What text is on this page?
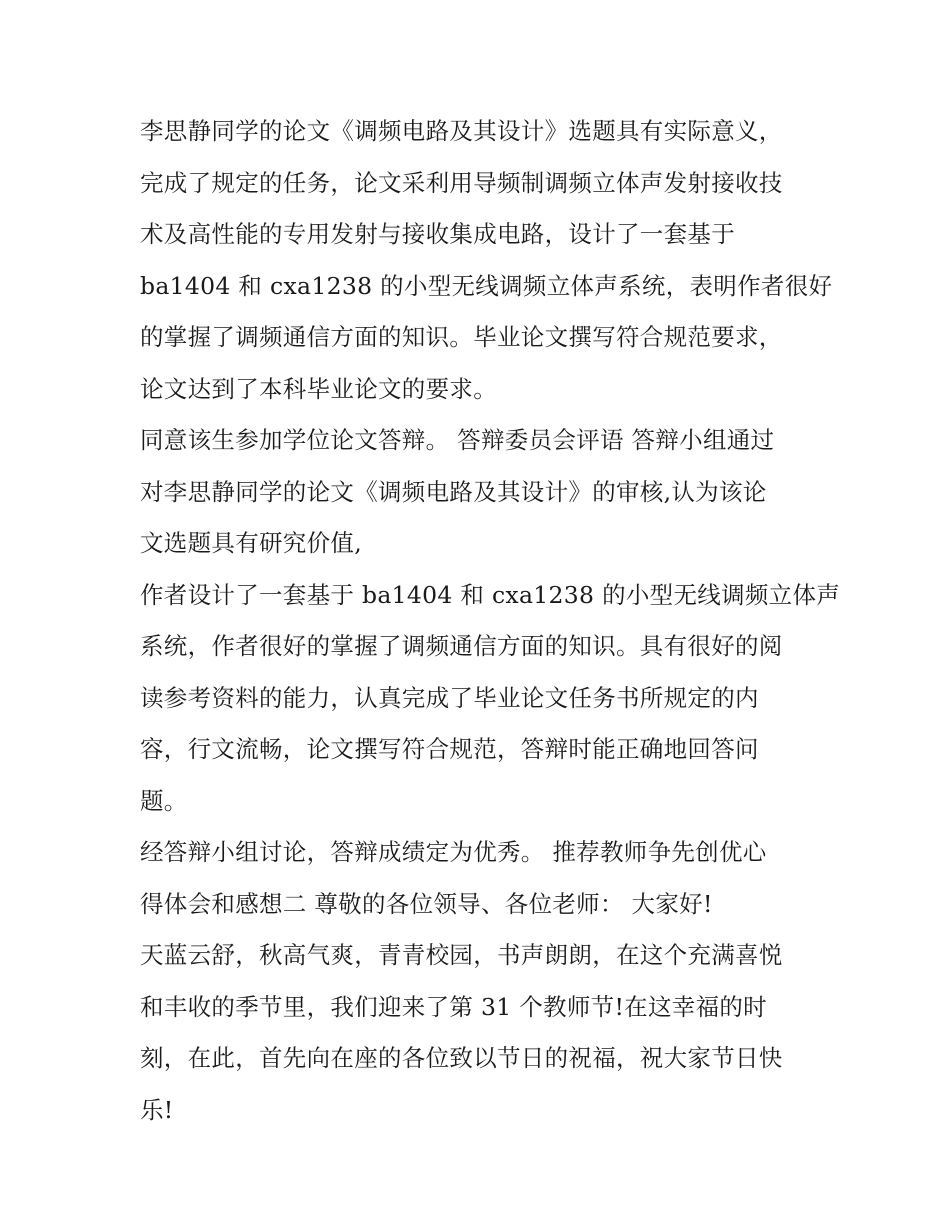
李思静同学的论文《调频电路及其设计》选题具有实际意义，
完成了规定的任务，论文采利用导频制调频立体声发射接收技
术及高性能的专用发射与接收集成电路，设计了一套基于
ba1404 和 cxa1238 的小型无线调频立体声系统，表明作者很好
的掌握了调频通信方面的知识。毕业论文撰写符合规范要求，
论文达到了本科毕业论文的要求。
同意该生参加学位论文答辩。 答辩委员会评语 答辩小组通过
对李思静同学的论文《调频电路及其设计》的审核,认为该论
文选题具有研究价值,
作者设计了一套基于 ba1404 和 cxa1238 的小型无线调频立体声
系统，作者很好的掌握了调频通信方面的知识。具有很好的阅
读参考资料的能力，认真完成了毕业论文任务书所规定的内
容，行文流畅，论文撰写符合规范，答辩时能正确地回答问
题。
经答辩小组讨论，答辩成绩定为优秀。 推荐教师争先创优心
得体会和感想二 尊敬的各位领导、各位老师： 大家好!
天蓝云舒，秋高气爽，青青校园，书声朗朗，在这个充满喜悦
和丰收的季节里，我们迎来了第 31 个教师节!在这幸福的时
刻，在此，首先向在座的各位致以节日的祝福，祝大家节日快
乐!
